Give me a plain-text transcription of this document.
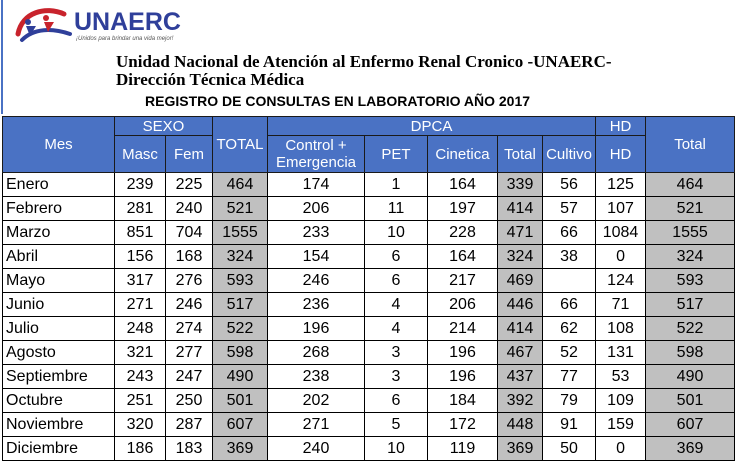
UNAERC
¡Unidos para brindar una vida mejor!
Unidad Nacional de Atención al Enfermo Renal Cronico -UNAERC-
Dirección Técnica Médica
REGISTRO DE CONSULTAS EN LABORATORIO AÑO 2017
Mes	SEXO		TOTAL	DPCA					HD	Total
	Masc	Fem		Control +
Emergencia	PET	Cinetica	Total	Cultivo	HD	
Enero	239	225	464	174	1	164	339	56	125	464
Febrero	281	240	521	206	11	197	414	57	107	521
Marzo	851	704	1555	233	10	228	471	66	1084	1555
Abril	156	168	324	154	6	164	324	38	0	324
Mayo	317	276	593	246	6	217	469		124	593
Junio	271	246	517	236	4	206	446	66	71	517
Julio	248	274	522	196	4	214	414	62	108	522
Agosto	321	277	598	268	3	196	467	52	131	598
Septiembre	243	247	490	238	3	196	437	77	53	490
Octubre	251	250	501	202	6	184	392	79	109	501
Noviembre	320	287	607	271	5	172	448	91	159	607
Diciembre	186	183	369	240	10	119	369	50	0	369
